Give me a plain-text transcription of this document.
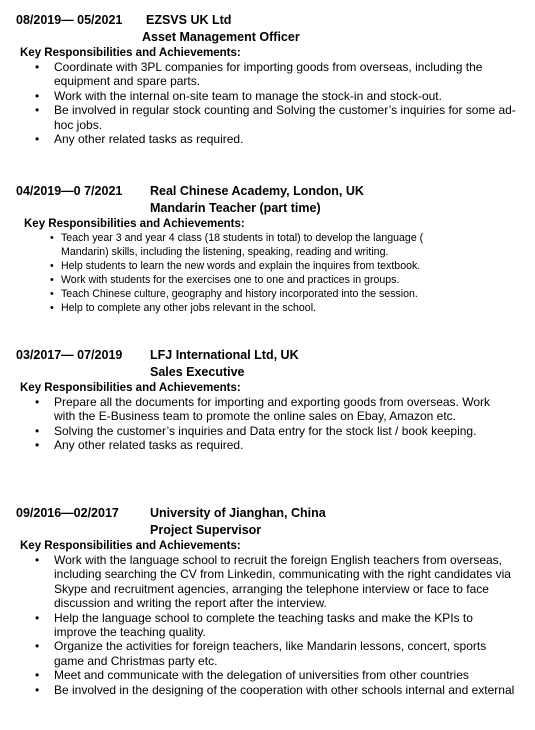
08/2019— 05/2021 EZSVS UK Ltd
Asset Management Officer
Key Responsibilities and Achievements:
• Coordinate with 3PL companies for importing goods from overseas, including the equipment and spare parts.
• Work with the internal on-site team to manage the stock-in and stock-out.
• Be involved in regular stock counting and Solving the customer’s inquiries for some ad-hoc jobs.
• Any other related tasks as required.
04/2019—0 7/2021 Real Chinese Academy, London, UK
Mandarin Teacher (part time)
Key Responsibilities and Achievements:
• Teach year 3 and year 4 class (18 students in total) to develop the language ( Mandarin) skills, including the listening, speaking, reading and writing.
• Help students to learn the new words and explain the inquires from textbook.
• Work with students for the exercises one to one and practices in groups.
• Teach Chinese culture, geography and history incorporated into the session.
• Help to complete any other jobs relevant in the school.
03/2017— 07/2019 LFJ International Ltd, UK
Sales Executive
Key Responsibilities and Achievements:
• Prepare all the documents for importing and exporting goods from overseas. Work with the E-Business team to promote the online sales on Ebay, Amazon etc.
• Solving the customer’s inquiries and Data entry for the stock list / book keeping.
• Any other related tasks as required.
09/2016—02/2017 University of Jianghan, China
Project Supervisor
Key Responsibilities and Achievements:
• Work with the language school to recruit the foreign English teachers from overseas, including searching the CV from Linkedin, communicating with the right candidates via Skype and recruitment agencies, arranging the telephone interview or face to face discussion and writing the report after the interview.
• Help the language school to complete the teaching tasks and make the KPIs to improve the teaching quality.
• Organize the activities for foreign teachers, like Mandarin lessons, concert, sports game and Christmas party etc.
• Meet and communicate with the delegation of universities from other countries
• Be involved in the designing of the cooperation with other schools internal and external
